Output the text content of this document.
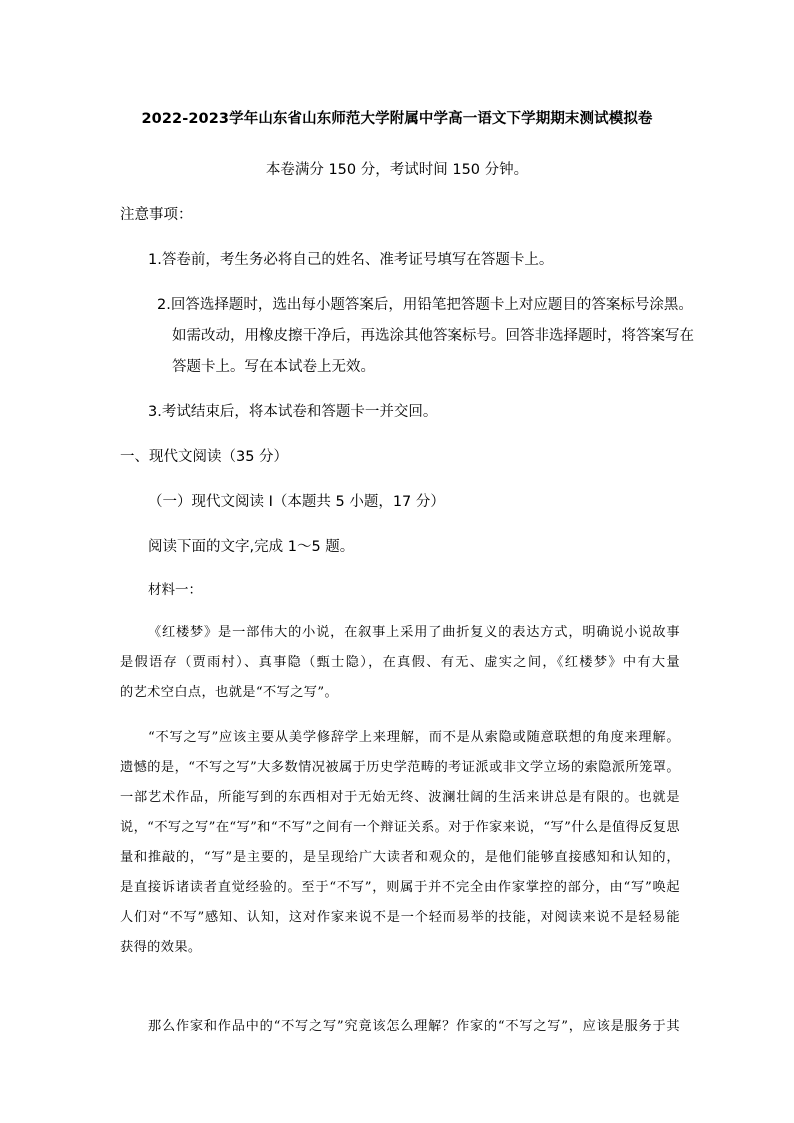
2022-2023学年山东省山东师范大学附属中学高一语文下学期期末测试模拟卷
本卷满分 150 分，考试时间 150 分钟。
注意事项：
1.答卷前，考生务必将自己的姓名、准考证号填写在答题卡上。
2.回答选择题时，选出每小题答案后，用铅笔把答题卡上对应题目的答案标号涂黑。
如需改动，用橡皮擦干净后，再选涂其他答案标号。回答非选择题时，将答案写在
答题卡上。写在本试卷上无效。
3.考试结束后，将本试卷和答题卡一并交回。
一、现代文阅读（35 分）
（一）现代文阅读 I（本题共 5 小题，17 分）
阅读下面的文字,完成 1～5 题。
材料一：
《红楼梦》是一部伟大的小说，在叙事上采用了曲折复义的表达方式，明确说小说故事
是假语存（贾雨村）、真事隐（甄士隐），在真假、有无、虚实之间，《红楼梦》中有大量
的艺术空白点，也就是“不写之写”。
“不写之写”应该主要从美学修辞学上来理解，而不是从索隐或随意联想的角度来理解。
遗憾的是，“不写之写”大多数情况被属于历史学范畴的考证派或非文学立场的索隐派所笼罩。
一部艺术作品，所能写到的东西相对于无始无终、波澜壮阔的生活来讲总是有限的。也就是
说，“不写之写”在“写”和“不写”之间有一个辩证关系。对于作家来说，“写”什么是值得反复思
量和推敲的，“写”是主要的，是呈现给广大读者和观众的，是他们能够直接感知和认知的，
是直接诉诸读者直觉经验的。至于“不写”，则属于并不完全由作家掌控的部分，由“写”唤起
人们对“不写”感知、认知，这对作家来说不是一个轻而易举的技能，对阅读来说不是轻易能
获得的效果。
那么作家和作品中的“不写之写”究竟该怎么理解？作家的“不写之写”，应该是服务于其
